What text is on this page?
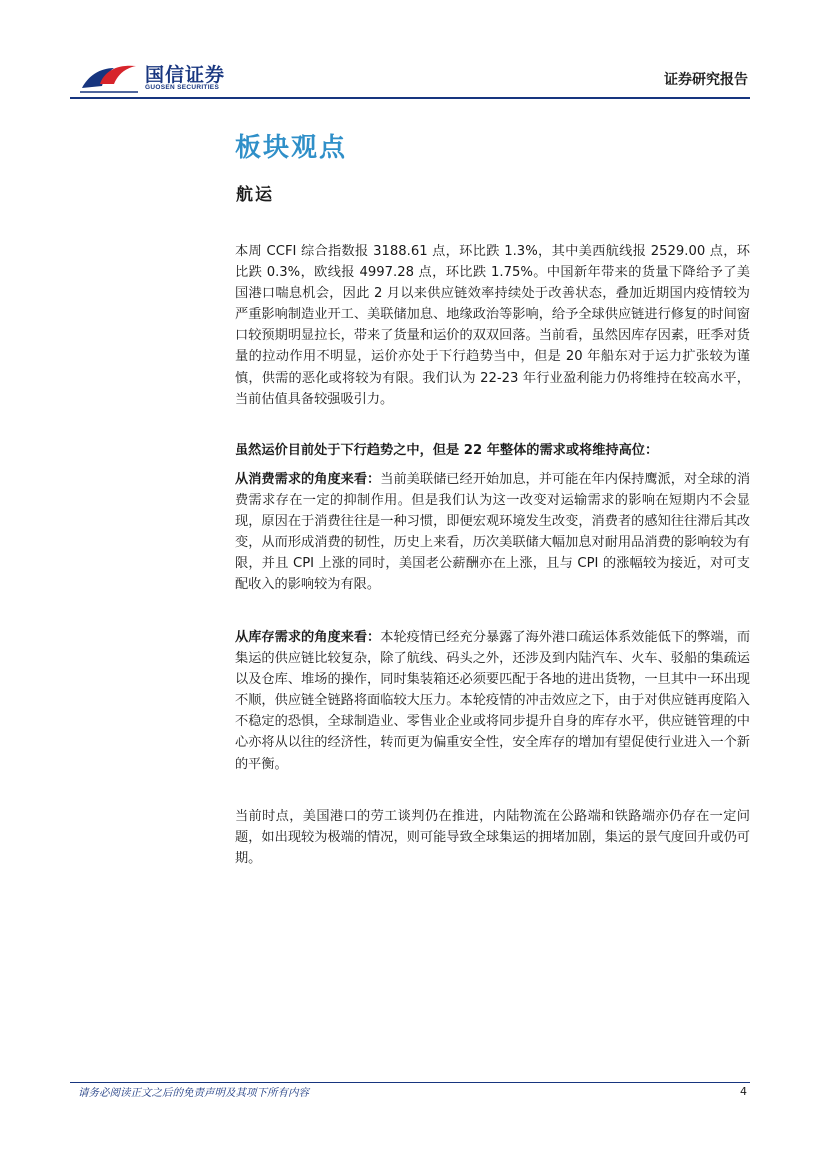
国信证券
GUOSEN SECURITIES	证券研究报告
板块观点
航运

本周 CCFI 综合指数报 3188.61 点，环比跌 1.3%，其中美西航线报 2529.00 点，环比跌 0.3%，欧线报 4997.28 点，环比跌 1.75%。中国新年带来的货量下降给予了美国港口喘息机会，因此 2 月以来供应链效率持续处于改善状态，叠加近期国内疫情较为严重影响制造业开工、美联储加息、地缘政治等影响，给予全球供应链进行修复的时间窗口较预期明显拉长，带来了货量和运价的双双回落。当前看，虽然因库存因素，旺季对货量的拉动作用不明显，运价亦处于下行趋势当中，但是 20 年船东对于运力扩张较为谨慎，供需的恶化或将较为有限。我们认为 22-23 年行业盈利能力仍将维持在较高水平，当前估值具备较强吸引力。

虽然运价目前处于下行趋势之中，但是 22 年整体的需求或将维持高位：

从消费需求的角度来看：当前美联储已经开始加息，并可能在年内保持鹰派，对全球的消费需求存在一定的抑制作用。但是我们认为这一改变对运输需求的影响在短期内不会显现，原因在于消费往往是一种习惯，即便宏观环境发生改变，消费者的感知往往滞后其改变，从而形成消费的韧性，历史上来看，历次美联储大幅加息对耐用品消费的影响较为有限，并且 CPI 上涨的同时，美国老公薪酬亦在上涨，且与 CPI 的涨幅较为接近，对可支配收入的影响较为有限。

从库存需求的角度来看：本轮疫情已经充分暴露了海外港口疏运体系效能低下的弊端，而集运的供应链比较复杂，除了航线、码头之外，还涉及到内陆汽车、火车、驳船的集疏运以及仓库、堆场的操作，同时集装箱还必须要匹配于各地的进出货物，一旦其中一环出现不顺，供应链全链路将面临较大压力。本轮疫情的冲击效应之下，由于对供应链再度陷入不稳定的恐惧，全球制造业、零售业企业或将同步提升自身的库存水平，供应链管理的中心亦将从以往的经济性，转而更为偏重安全性，安全库存的增加有望促使行业进入一个新的平衡。

当前时点，美国港口的劳工谈判仍在推进，内陆物流在公路端和铁路端亦仍存在一定问题，如出现较为极端的情况，则可能导致全球集运的拥堵加剧，集运的景气度回升或仍可期。

请务必阅读正文之后的免责声明及其项下所有内容	4
